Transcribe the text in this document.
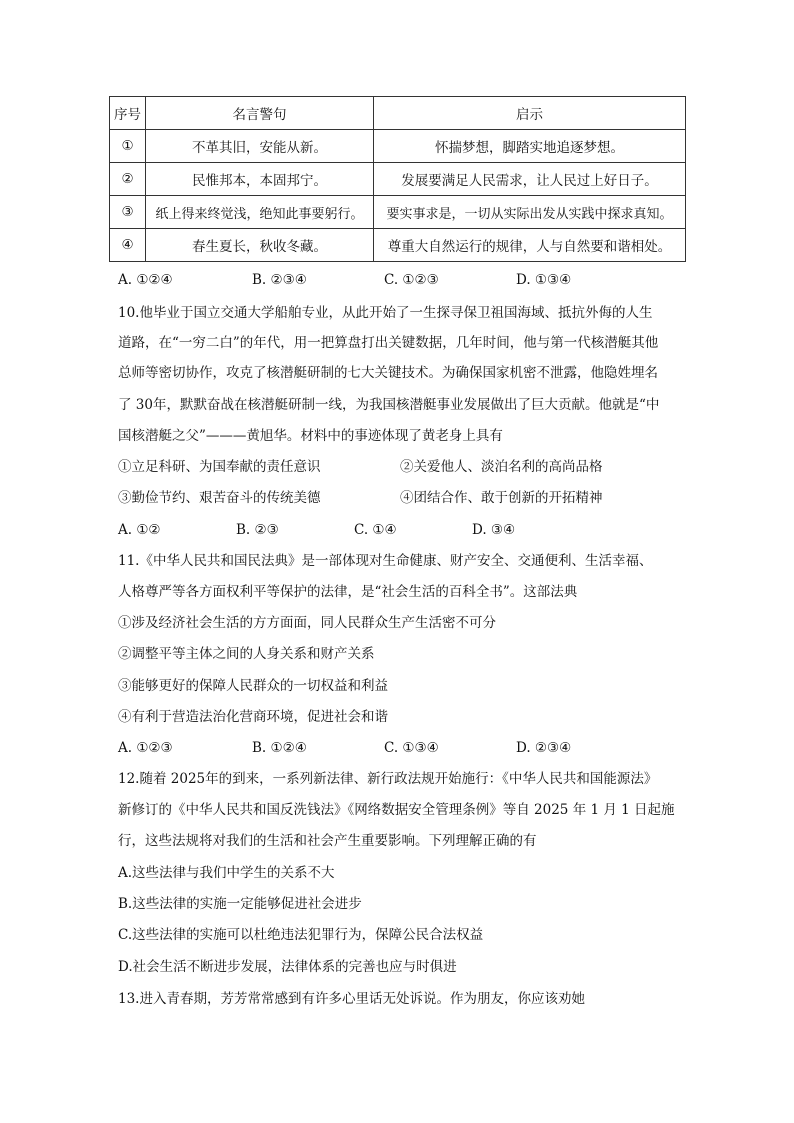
序号	名言警句	启示
①	不革其旧，安能从新。	怀揣梦想，脚踏实地追逐梦想。
②	民惟邦本，本固邦宁。	发展要满足人民需求，让人民过上好日子。
③	纸上得来终觉浅，绝知此事要躬行。	要实事求是，一切从实际出发从实践中探求真知。
④	春生夏长，秋收冬藏。	尊重大自然运行的规律，人与自然要和谐相处。
A. ①②④	B. ②③④	C. ①②③	D. ①③④
10.他毕业于国立交通大学船舶专业，从此开始了一生探寻保卫祖国海域、抵抗外侮的人生
道路，在“一穷二白”的年代，用一把算盘打出关键数据，几年时间，他与第一代核潜艇其他
总师等密切协作，攻克了核潜艇研制的七大关键技术。为确保国家机密不泄露，他隐姓埋名
了 30年，默默奋战在核潜艇研制一线，为我国核潜艇事业发展做出了巨大贡献。他就是“中
国核潜艇之父”———黄旭华。材料中的事迹体现了黄老身上具有
①立足科研、为国奉献的责任意识	②关爱他人、淡泊名利的高尚品格
③勤俭节约、艰苦奋斗的传统美德	④团结合作、敢于创新的开拓精神
A. ①②	B. ②③	C. ①④	D. ③④
11.《中华人民共和国民法典》是一部体现对生命健康、财产安全、交通便利、生活幸福、
人格尊严等各方面权利平等保护的法律，是“社会生活的百科全书”。这部法典
①涉及经济社会生活的方方面面，同人民群众生产生活密不可分
②调整平等主体之间的人身关系和财产关系
③能够更好的保障人民群众的一切权益和利益
④有利于营造法治化营商环境，促进社会和谐
A. ①②③	B. ①②④	C. ①③④	D. ②③④
12.随着 2025年的到来，一系列新法律、新行政法规开始施行：《中华人民共和国能源法》
新修订的《中华人民共和国反洗钱法》《网络数据安全管理条例》等自 2025 年 1 月 1 日起施
行，这些法规将对我们的生活和社会产生重要影响。下列理解正确的有
A.这些法律与我们中学生的关系不大
B.这些法律的实施一定能够促进社会进步
C.这些法律的实施可以杜绝违法犯罪行为，保障公民合法权益
D.社会生活不断进步发展，法律体系的完善也应与时俱进
13.进入青春期，芳芳常常感到有许多心里话无处诉说。作为朋友，你应该劝她
